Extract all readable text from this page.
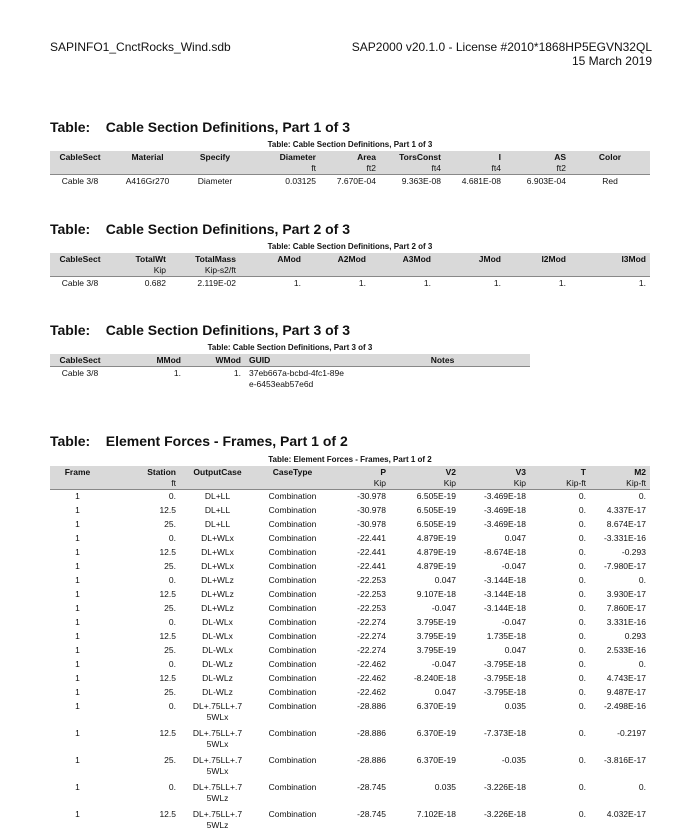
SAPINFO1_CnctRocks_Wind.sdb	SAP2000 v20.1.0 - License #2010*1868HP5EGVN32QL
15 March 2019
Table:    Cable Section Definitions, Part 1 of 3
Table: Cable Section Definitions, Part 1 of 3
CableSect	Material	Specify	Diameter	Area	TorsConst	I	AS	Color
			ft	ft2	ft4	ft4	ft2	

Cable 3/8	A416Gr270	Diameter	0.03125	7.670E-04	9.363E-08	4.681E-08	6.903E-04	Red
Table:    Cable Section Definitions, Part 2 of 3
Table: Cable Section Definitions, Part 2 of 3
CableSect	TotalWt	TotalMass	AMod	A2Mod	A3Mod	JMod	I2Mod	I3Mod
	Kip	Kip-s2/ft						

Cable 3/8	0.682	2.119E-02	1.	1.	1.	1.	1.	1.
Table:    Cable Section Definitions, Part 3 of 3
Table: Cable Section Definitions, Part 3 of 3
CableSect	MMod	WMod	GUID	Notes

Cable 3/8	1.	1.	37eb667a-bcbd-4fc1-89e e-6453eab57e6d	
Table:    Element Forces - Frames, Part 1 of 2
Table: Element Forces - Frames, Part 1 of 2
Frame	Station	OutputCase	CaseType	P	V2	V3	T	M2
	ft			Kip	Kip	Kip	Kip-ft	Kip-ft

1	0.	DL+LL	Combination	-30.978	6.505E-19	-3.469E-18	0.	0.
1	12.5	DL+LL	Combination	-30.978	6.505E-19	-3.469E-18	0.	4.337E-17
1	25.	DL+LL	Combination	-30.978	6.505E-19	-3.469E-18	0.	8.674E-17
1	0.	DL+WLx	Combination	-22.441	4.879E-19	0.047	0.	-3.331E-16
1	12.5	DL+WLx	Combination	-22.441	4.879E-19	-8.674E-18	0.	-0.293
1	25.	DL+WLx	Combination	-22.441	4.879E-19	-0.047	0.	-7.980E-17
1	0.	DL+WLz	Combination	-22.253	0.047	-3.144E-18	0.	0.
1	12.5	DL+WLz	Combination	-22.253	9.107E-18	-3.144E-18	0.	3.930E-17
1	25.	DL+WLz	Combination	-22.253	-0.047	-3.144E-18	0.	7.860E-17
1	0.	DL-WLx	Combination	-22.274	3.795E-19	-0.047	0.	3.331E-16
1	12.5	DL-WLx	Combination	-22.274	3.795E-19	1.735E-18	0.	0.293
1	25.	DL-WLx	Combination	-22.274	3.795E-19	0.047	0.	2.533E-16
1	0.	DL-WLz	Combination	-22.462	-0.047	-3.795E-18	0.	0.
1	12.5	DL-WLz	Combination	-22.462	-8.240E-18	-3.795E-18	0.	4.743E-17
1	25.	DL-WLz	Combination	-22.462	0.047	-3.795E-18	0.	9.487E-17
1	0.	DL+.75LL+.7 5WLx	Combination	-28.886	6.370E-19	0.035	0.	-2.498E-16
1	12.5	DL+.75LL+.7 5WLx	Combination	-28.886	6.370E-19	-7.373E-18	0.	-0.2197
1	25.	DL+.75LL+.7 5WLx	Combination	-28.886	6.370E-19	-0.035	0.	-3.816E-17
1	0.	DL+.75LL+.7 5WLz	Combination	-28.745	0.035	-3.226E-18	0.	0.
1	12.5	DL+.75LL+.7 5WLz	Combination	-28.745	7.102E-18	-3.226E-18	0.	4.032E-17
